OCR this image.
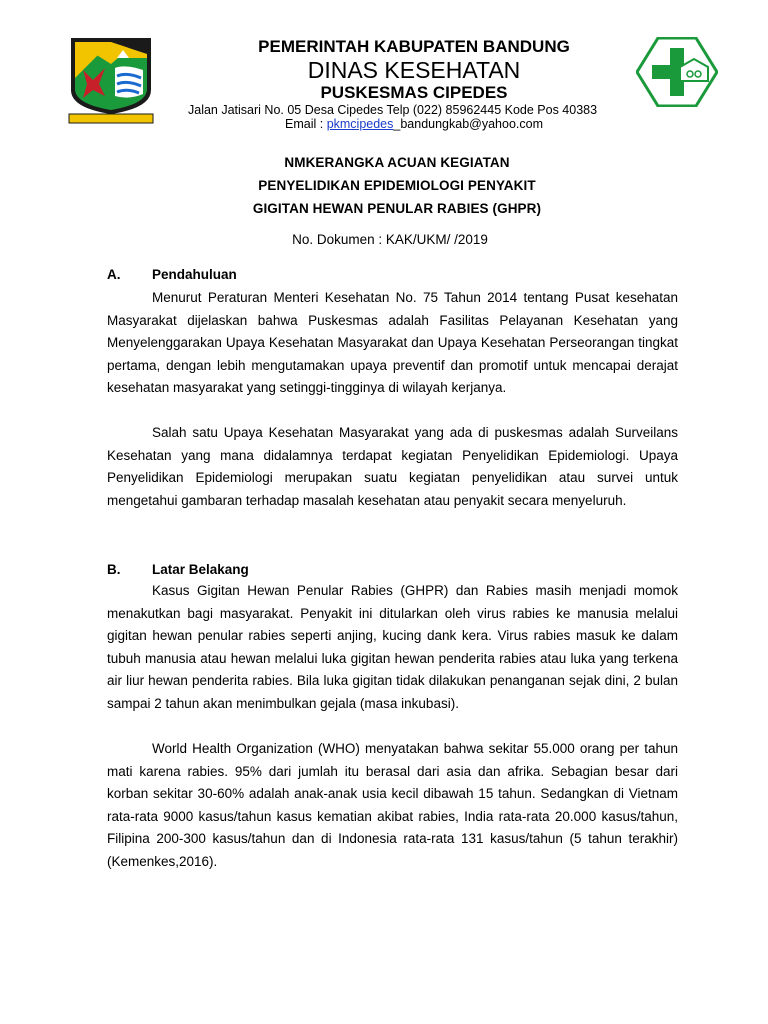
PEMERINTAH KABUPATEN BANDUNG
DINAS KESEHATAN
PUSKESMAS CIPEDES
Jalan Jatisari No. 05 Desa Cipedes Telp (022) 85962445 Kode Pos 40383
Email : pkmcipedes_bandungkab@yahoo.com
NMKERANGKA ACUAN KEGIATAN
PENYELIDIKAN EPIDEMIOLOGI PENYAKIT
GIGITAN HEWAN PENULAR RABIES (GHPR)
No. Dokumen : KAK/UKM/ /2019
A. Pendahuluan

Menurut Peraturan Menteri Kesehatan No. 75 Tahun 2014 tentang Pusat kesehatan Masyarakat dijelaskan bahwa Puskesmas adalah Fasilitas Pelayanan Kesehatan yang Menyelenggarakan Upaya Kesehatan Masyarakat dan Upaya Kesehatan Perseorangan tingkat pertama, dengan lebih mengutamakan upaya preventif dan promotif untuk mencapai derajat kesehatan masyarakat yang setinggi-tingginya di wilayah kerjanya.

Salah satu Upaya Kesehatan Masyarakat yang ada di puskesmas adalah Surveilans Kesehatan yang mana didalamnya terdapat kegiatan Penyelidikan Epidemiologi. Upaya Penyelidikan Epidemiologi merupakan suatu kegiatan penyelidikan atau survei untuk mengetahui gambaran terhadap masalah kesehatan atau penyakit secara menyeluruh.

B. Latar Belakang

Kasus Gigitan Hewan Penular Rabies (GHPR) dan Rabies masih menjadi momok menakutkan bagi masyarakat. Penyakit ini ditularkan oleh virus rabies ke manusia melalui gigitan hewan penular rabies seperti anjing, kucing dank kera. Virus rabies masuk ke dalam tubuh manusia atau hewan melalui luka gigitan hewan penderita rabies atau luka yang terkena air liur hewan penderita rabies. Bila luka gigitan tidak dilakukan penanganan sejak dini, 2 bulan sampai 2 tahun akan menimbulkan gejala (masa inkubasi).

World Health Organization (WHO) menyatakan bahwa sekitar 55.000 orang per tahun mati karena rabies. 95% dari jumlah itu berasal dari asia dan afrika. Sebagian besar dari korban sekitar 30-60% adalah anak-anak usia kecil dibawah 15 tahun. Sedangkan di Vietnam rata-rata 9000 kasus/tahun kasus kematian akibat rabies, India rata-rata 20.000 kasus/tahun, Filipina 200-300 kasus/tahun dan di Indonesia rata-rata 131 kasus/tahun (5 tahun terakhir) (Kemenkes,2016).
